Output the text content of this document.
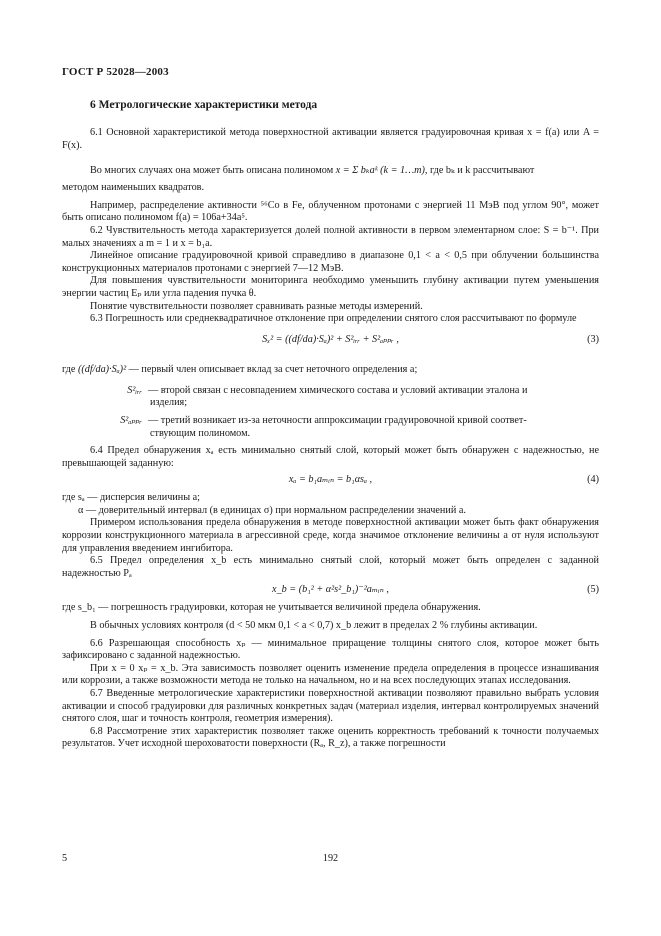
ГОСТ Р 52028—2003
6 Метрологические характеристики метода

6.1 Основной характеристикой метода поверхностной активации является градуировочная кривая x = f(a) или A = F(x).

Во многих случаях она может быть описана полиномом x = Σ bₖaᵏ (k = 1…m), где bₖ и k рассчитывают

методом наименьших квадратов.

Например, распределение активности ⁵⁶Co в Fe, облученном протонами с энергией 11 МэВ под углом 90°, может быть описано полиномом f(a) = 106a+34a⁵.

6.2 Чувствительность метода характеризуется долей полной активности в первом элементарном слое: S = b⁻¹. При малых значениях a m = 1 и x = b₁a.

Линейное описание градуировочной кривой справедливо в диапазоне 0,1 < a < 0,5 при облучении большинства конструкционных материалов протонами с энергией 7—12 МэВ.

Для повышения чувствительности мониторинга необходимо уменьшить глубину активации путем уменьшения энергии частиц Eₚ или угла падения пучка θ.

Понятие чувствительности позволяет сравнивать разные методы измерений.

6.3 Погрешность или среднеквадратичное отклонение при определении снятого слоя рассчитывают по формуле

Sₓ² = ((df/da)·Sₐ)² + S²ᵢᵣᵣ + S²ₐₚₚᵣ ,	(3)

где ((df/da)·Sₐ)² — первый член описывает вклад за счет неточного определения a;

S²ᵢᵣᵣ — второй связан с несовпадением химического состава и условий активации эталона и
изделия;
S²ₐₚₚᵣ — третий возникает из-за неточности аппроксимации градуировочной кривой соответ-
ствующим полиномом.

6.4 Предел обнаружения xₐ есть минимально снятый слой, который может быть обнаружен с надежностью, не превышающей заданную:

xₐ = b₁aₘᵢₙ = b₁αsₐ ,	(4)

где sₐ — дисперсия величины a;

α — доверительный интервал (в единицах σ) при нормальном распределении значений a.

Примером использования предела обнаружения в методе поверхностной активации может быть факт обнаружения коррозии конструкционного материала в агрессивной среде, когда значимое отклонение величины a от нуля используют для управления введением ингибитора.

6.5 Предел определения x_b есть минимально снятый слой, который может быть определен с заданной надежностью Pₐ

x_b = (b₁² + α²s²_b₁)⁻²aₘᵢₙ ,	(5)

где s_b₁ — погрешность градуировки, которая не учитывается величиной предела обнаружения.

В обычных условиях контроля (d < 50 мкм 0,1 < a < 0,7) x_b лежит в пределах 2 % глубины активации.

6.6 Разрешающая способность xₚ — минимальное приращение толщины снятого слоя, которое может быть зафиксировано с заданной надежностью.

При x = 0 xₚ = x_b. Эта зависимость позволяет оценить изменение предела определения в процессе изнашивания или коррозии, а также возможности метода не только на начальном, но и на всех последующих этапах исследования.

6.7 Введенные метрологические характеристики поверхностной активации позволяют правильно выбрать условия активации и способ градуировки для различных конкретных задач (материал изделия, интервал контролируемых значений снятого слоя, шаг и точность контроля, геометрия измерения).

6.8 Рассмотрение этих характеристик позволяет также оценить корректность требований к точности получаемых результатов. Учет исходной шероховатости поверхности (Rₐ, R_z), а также погрешности

5	192
